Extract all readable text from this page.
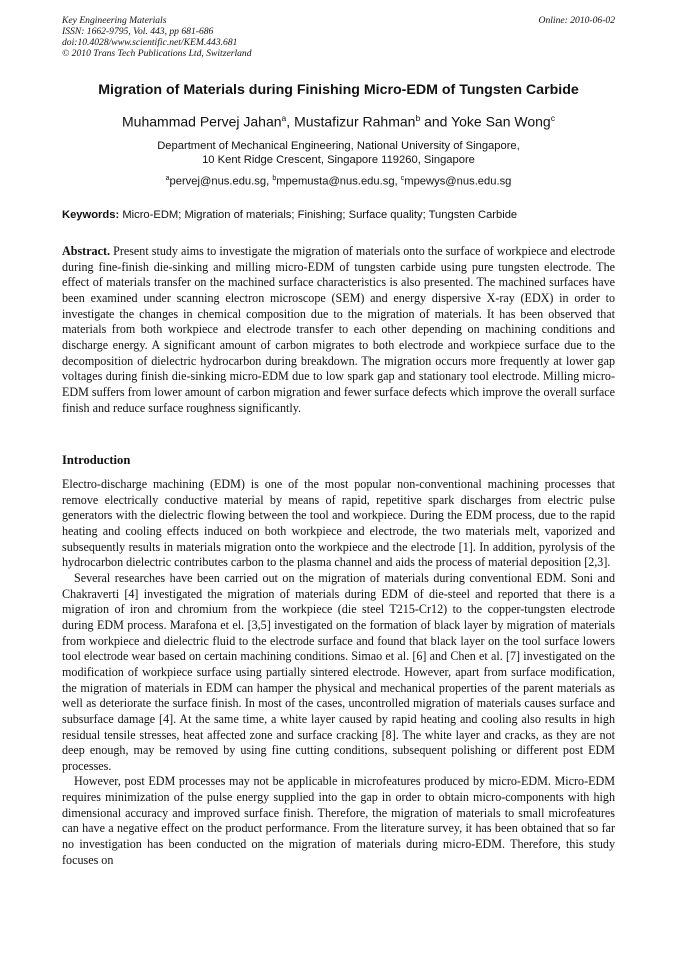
Key Engineering Materials
ISSN: 1662-9795, Vol. 443, pp 681-686
doi:10.4028/www.scientific.net/KEM.443.681
© 2010 Trans Tech Publications Ltd, Switzerland
Online: 2010-06-02
Migration of Materials during Finishing Micro-EDM of Tungsten Carbide
Muhammad Pervej Jahan$^a$, Mustafizur Rahman$^b$ and Yoke San Wong$^c$
Department of Mechanical Engineering, National University of Singapore,
10 Kent Ridge Crescent, Singapore 119260, Singapore
$^a$pervej@nus.edu.sg, $^b$mpemusta@nus.edu.sg, $^c$mpewys@nus.edu.sg
Keywords: Micro-EDM; Migration of materials; Finishing; Surface quality; Tungsten Carbide

Abstract. Present study aims to investigate the migration of materials onto the surface of workpiece and electrode during fine-finish die-sinking and milling micro-EDM of tungsten carbide using pure tungsten electrode. The effect of materials transfer on the machined surface characteristics is also presented. The machined surfaces have been examined under scanning electron microscope (SEM) and energy dispersive X-ray (EDX) in order to investigate the changes in chemical composition due to the migration of materials. It has been observed that materials from both workpiece and electrode transfer to each other depending on machining conditions and discharge energy. A significant amount of carbon migrates to both electrode and workpiece surface due to the decomposition of dielectric hydrocarbon during breakdown. The migration occurs more frequently at lower gap voltages during finish die-sinking micro-EDM due to low spark gap and stationary tool electrode. Milling micro-EDM suffers from lower amount of carbon migration and fewer surface defects which improve the overall surface finish and reduce surface roughness significantly.

Introduction

Electro-discharge machining (EDM) is one of the most popular non-conventional machining processes that remove electrically conductive material by means of rapid, repetitive spark discharges from electric pulse generators with the dielectric flowing between the tool and workpiece. During the EDM process, due to the rapid heating and cooling effects induced on both workpiece and electrode, the two materials melt, vaporized and subsequently results in materials migration onto the workpiece and the electrode [1]. In addition, pyrolysis of the hydrocarbon dielectric contributes carbon to the plasma channel and aids the process of material deposition [2,3].

Several researches have been carried out on the migration of materials during conventional EDM. Soni and Chakraverti [4] investigated the migration of materials during EDM of die-steel and reported that there is a migration of iron and chromium from the workpiece (die steel T215-Cr12) to the copper-tungsten electrode during EDM process. Marafona et el. [3,5] investigated on the formation of black layer by migration of materials from workpiece and dielectric fluid to the electrode surface and found that black layer on the tool surface lowers tool electrode wear based on certain machining conditions. Simao et al. [6] and Chen et al. [7] investigated on the modification of workpiece surface using partially sintered electrode. However, apart from surface modification, the migration of materials in EDM can hamper the physical and mechanical properties of the parent materials as well as deteriorate the surface finish. In most of the cases, uncontrolled migration of materials causes surface and subsurface damage [4]. At the same time, a white layer caused by rapid heating and cooling also results in high residual tensile stresses, heat affected zone and surface cracking [8]. The white layer and cracks, as they are not deep enough, may be removed by using fine cutting conditions, subsequent polishing or different post EDM processes.

However, post EDM processes may not be applicable in microfeatures produced by micro-EDM. Micro-EDM requires minimization of the pulse energy supplied into the gap in order to obtain micro-components with high dimensional accuracy and improved surface finish. Therefore, the migration of materials to small microfeatures can have a negative effect on the product performance. From the literature survey, it has been obtained that so far no investigation has been conducted on the migration of materials during micro-EDM. Therefore, this study focuses on
